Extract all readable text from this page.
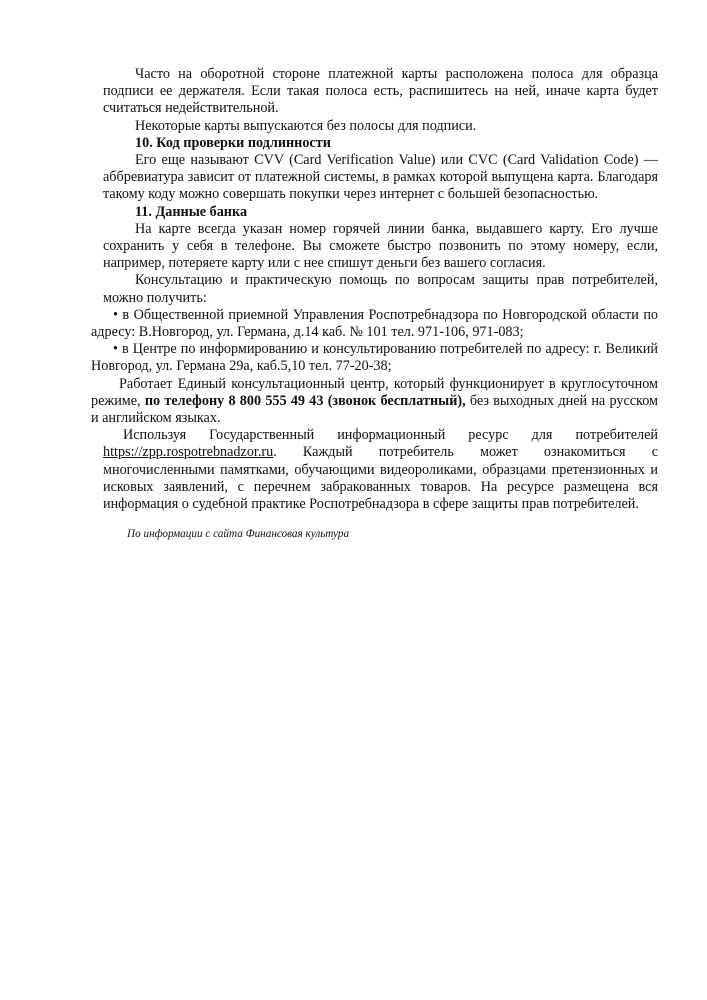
Часто на оборотной стороне платежной карты расположена полоса для образца подписи ее держателя. Если такая полоса есть, распишитесь на ней, иначе карта будет считаться недействительной.

Некоторые карты выпускаются без полосы для подписи.

10. Код проверки подлинности

Его еще называют CVV (Card Verification Value) или CVC (Card Validation Code) — аббревиатура зависит от платежной системы, в рамках которой выпущена карта. Благодаря такому коду можно совершать покупки через интернет с большей безопасностью.

11. Данные банка

На карте всегда указан номер горячей линии банка, выдавшего карту. Его лучше сохранить у себя в телефоне. Вы сможете быстро позвонить по этому номеру, если, например, потеряете карту или с нее спишут деньги без вашего согласия.

Консультацию и практическую помощь по вопросам защиты прав потребителей, можно получить:

• в Общественной приемной Управления Роспотребнадзора по Новгородской области по адресу: В.Новгород, ул. Германа, д.14 каб. № 101 тел. 971-106, 971-083;

• в Центре по информированию и консультированию потребителей по адресу: г. Великий Новгород, ул. Германа 29а, каб.5,10 тел. 77-20-38;

Работает Единый консультационный центр, который функционирует в круглосуточном режиме, по телефону 8 800 555 49 43 (звонок бесплатный), без выходных дней на русском и английском языках.

Используя Государственный информационный ресурс для потребителей https://zpp.rospotrebnadzor.ru. Каждый потребитель может ознакомиться с многочисленными памятками, обучающими видеороликами, образцами претензионных и исковых заявлений, с перечнем забракованных товаров. На ресурсе размещена вся информация о судебной практике Роспотребнадзора в сфере защиты прав потребителей.

По информации с сайта Финансовая культура
